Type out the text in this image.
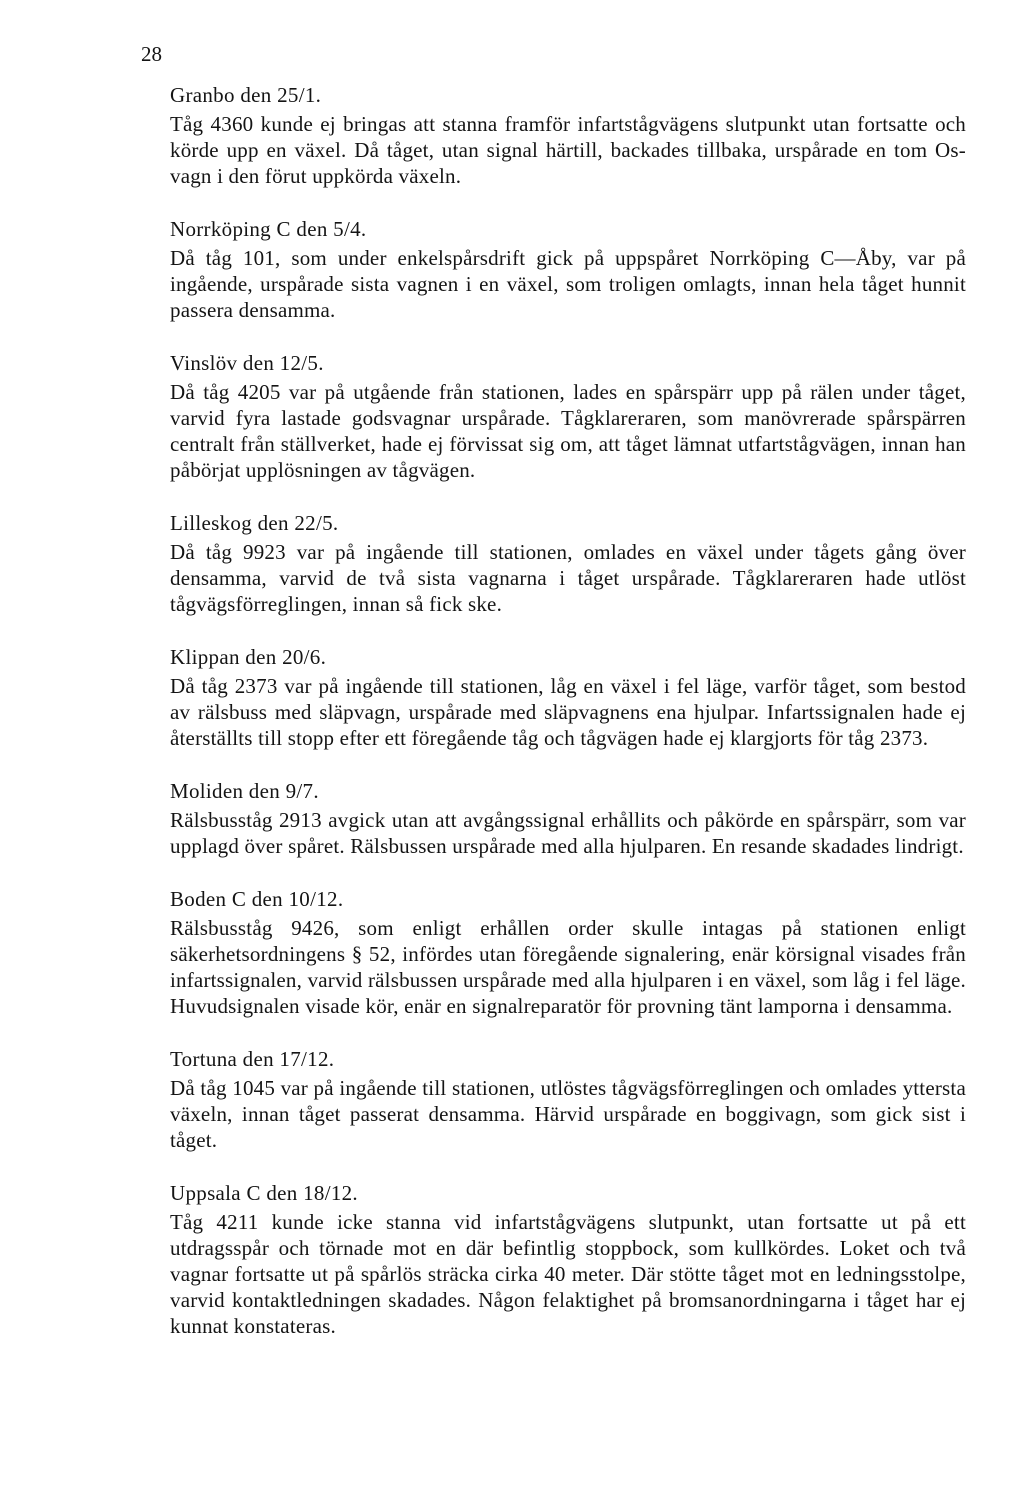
28
Granbo den 25/1.
Tåg 4360 kunde ej bringas att stanna framför infartstågvägens slutpunkt utan fortsatte och körde upp en växel. Då tåget, utan signal härtill, backades tillbaka, urspårade en tom Os-vagn i den förut uppkörda växeln.
Norrköping C den 5/4.
Då tåg 101, som under enkelspårsdrift gick på uppspåret Norrköping C—Åby, var på ingående, urspårade sista vagnen i en växel, som troligen omlagts, innan hela tåget hunnit passera densamma.
Vinslöv den 12/5.
Då tåg 4205 var på utgående från stationen, lades en spårspärr upp på rälen under tåget, varvid fyra lastade godsvagnar urspårade. Tågklareraren, som manövrerade spårspärren centralt från ställverket, hade ej förvissat sig om, att tåget lämnat utfartstågvägen, innan han påbörjat upplösningen av tågvägen.
Lilleskog den 22/5.
Då tåg 9923 var på ingående till stationen, omlades en växel under tågets gång över densamma, varvid de två sista vagnarna i tåget urspårade. Tågklareraren hade utlöst tågvägsförreglingen, innan så fick ske.
Klippan den 20/6.
Då tåg 2373 var på ingående till stationen, låg en växel i fel läge, varför tåget, som bestod av rälsbuss med släpvagn, urspårade med släpvagnens ena hjulpar. Infartssignalen hade ej återställts till stopp efter ett föregående tåg och tågvägen hade ej klargjorts för tåg 2373.
Moliden den 9/7.
Rälsbusståg 2913 avgick utan att avgångssignal erhållits och påkörde en spårspärr, som var upplagd över spåret. Rälsbussen urspårade med alla hjulparen. En resande skadades lindrigt.
Boden C den 10/12.
Rälsbusståg 9426, som enligt erhållen order skulle intagas på stationen enligt säkerhetsordningens § 52, infördes utan föregående signalering, enär körsignal visades från infartssignalen, varvid rälsbussen urspårade med alla hjulparen i en växel, som låg i fel läge. Huvudsignalen visade kör, enär en signalreparatör för provning tänt lamporna i densamma.
Tortuna den 17/12.
Då tåg 1045 var på ingående till stationen, utlöstes tågvägsförreglingen och omlades yttersta växeln, innan tåget passerat densamma. Härvid urspårade en boggivagn, som gick sist i tåget.
Uppsala C den 18/12.
Tåg 4211 kunde icke stanna vid infartstågvägens slutpunkt, utan fortsatte ut på ett utdragsspår och törnade mot en där befintlig stoppbock, som kullkördes. Loket och två vagnar fortsatte ut på spårlös sträcka cirka 40 meter. Där stötte tåget mot en ledningsstolpe, varvid kontaktledningen skadades. Någon felaktighet på bromsanordningarna i tåget har ej kunnat konstateras.
